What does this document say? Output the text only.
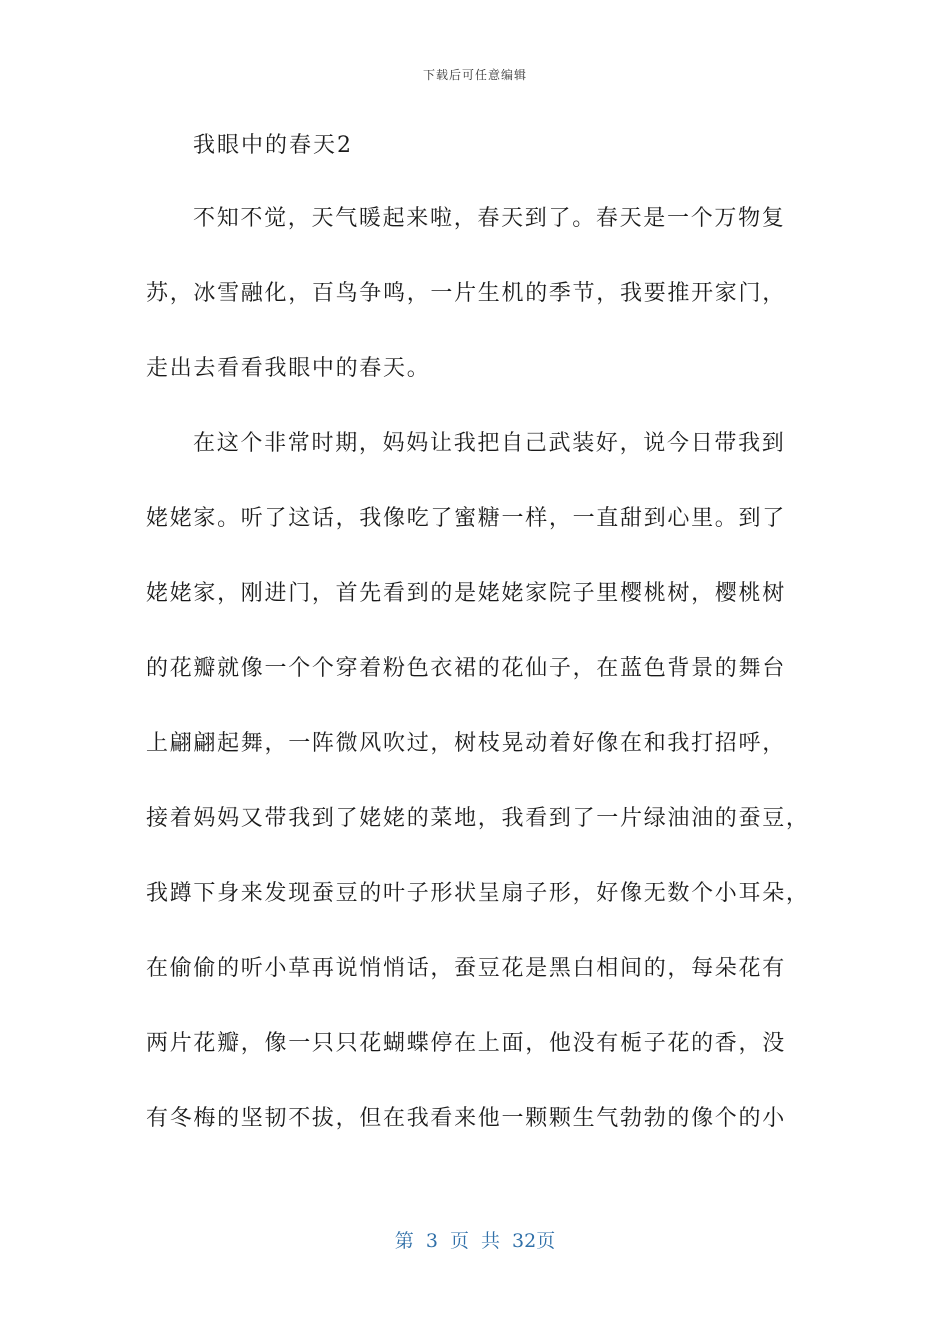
下载后可任意编辑
我眼中的春天2
不知不觉，天气暖起来啦，春天到了。春天是一个万物复
苏，冰雪融化，百鸟争鸣，一片生机的季节，我要推开家门，
走出去看看我眼中的春天。
在这个非常时期，妈妈让我把自己武装好，说今日带我到
姥姥家。听了这话，我像吃了蜜糖一样，一直甜到心里。到了
姥姥家，刚进门，首先看到的是姥姥家院子里樱桃树，樱桃树
的花瓣就像一个个穿着粉色衣裙的花仙子，在蓝色背景的舞台
上翩翩起舞，一阵微风吹过，树枝晃动着好像在和我打招呼，
接着妈妈又带我到了姥姥的菜地，我看到了一片绿油油的蚕豆，
我蹲下身来发现蚕豆的叶子形状呈扇子形，好像无数个小耳朵，
在偷偷的听小草再说悄悄话，蚕豆花是黑白相间的，每朵花有
两片花瓣，像一只只花蝴蝶停在上面，他没有栀子花的香，没
有冬梅的坚韧不拔，但在我看来他一颗颗生气勃勃的像个的小
第 3 页 共 32页
